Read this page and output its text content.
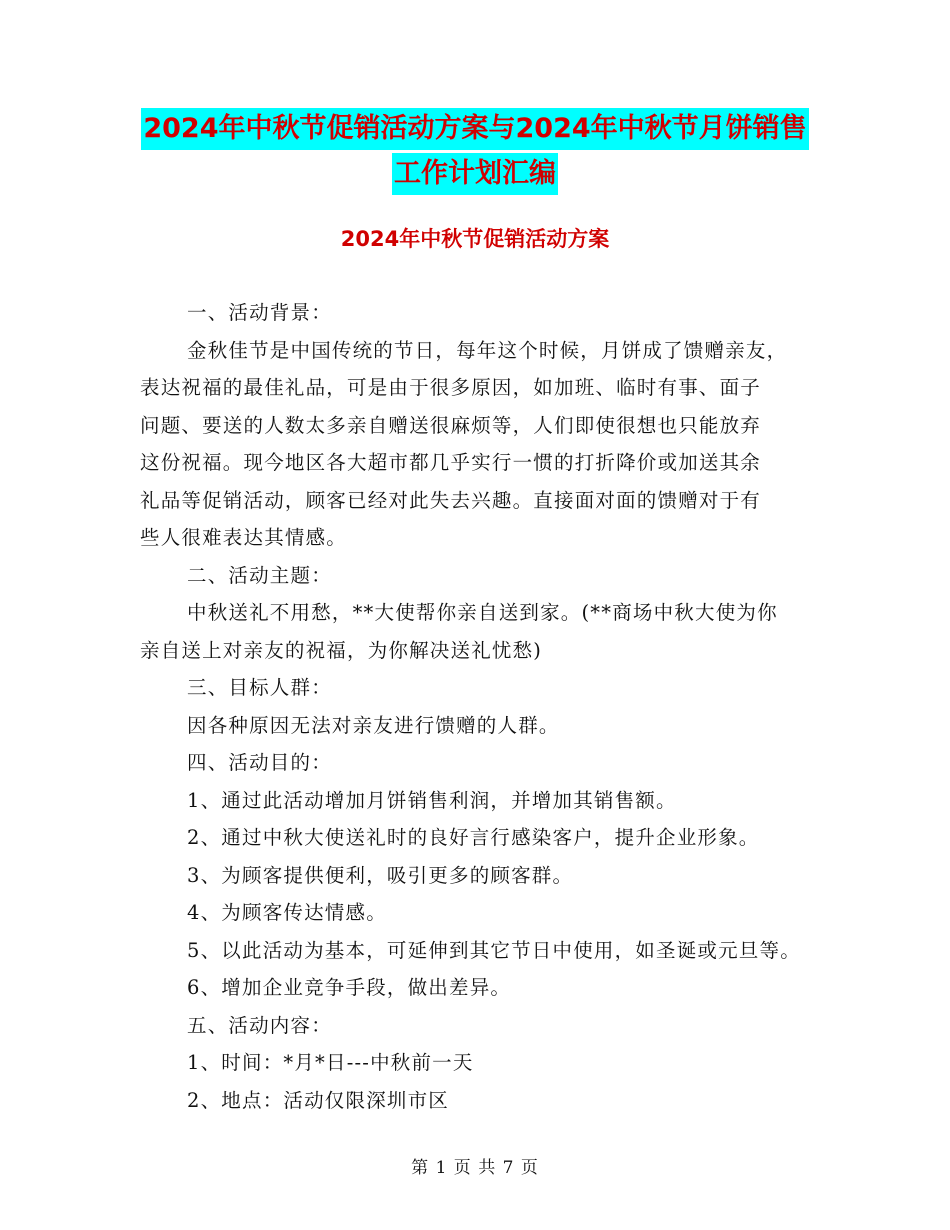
2024年中秋节促销活动方案与2024年中秋节月饼销售
工作计划汇编
2024年中秋节促销活动方案
一、活动背景：
金秋佳节是中国传统的节日，每年这个时候，月饼成了馈赠亲友，
表达祝福的最佳礼品，可是由于很多原因，如加班、临时有事、面子
问题、要送的人数太多亲自赠送很麻烦等，人们即使很想也只能放弃
这份祝福。现今地区各大超市都几乎实行一惯的打折降价或加送其余
礼品等促销活动，顾客已经对此失去兴趣。直接面对面的馈赠对于有
些人很难表达其情感。
二、活动主题：
中秋送礼不用愁，**大使帮你亲自送到家。(**商场中秋大使为你
亲自送上对亲友的祝福，为你解决送礼忧愁)
三、目标人群：
因各种原因无法对亲友进行馈赠的人群。
四、活动目的：
1、通过此活动增加月饼销售利润，并增加其销售额。
2、通过中秋大使送礼时的良好言行感染客户，提升企业形象。
3、为顾客提供便利，吸引更多的顾客群。
4、为顾客传达情感。
5、以此活动为基本，可延伸到其它节日中使用，如圣诞或元旦等。
6、增加企业竞争手段，做出差异。
五、活动内容：
1、时间：*月*日---中秋前一天
2、地点：活动仅限深圳市区
第 1 页 共 7 页
